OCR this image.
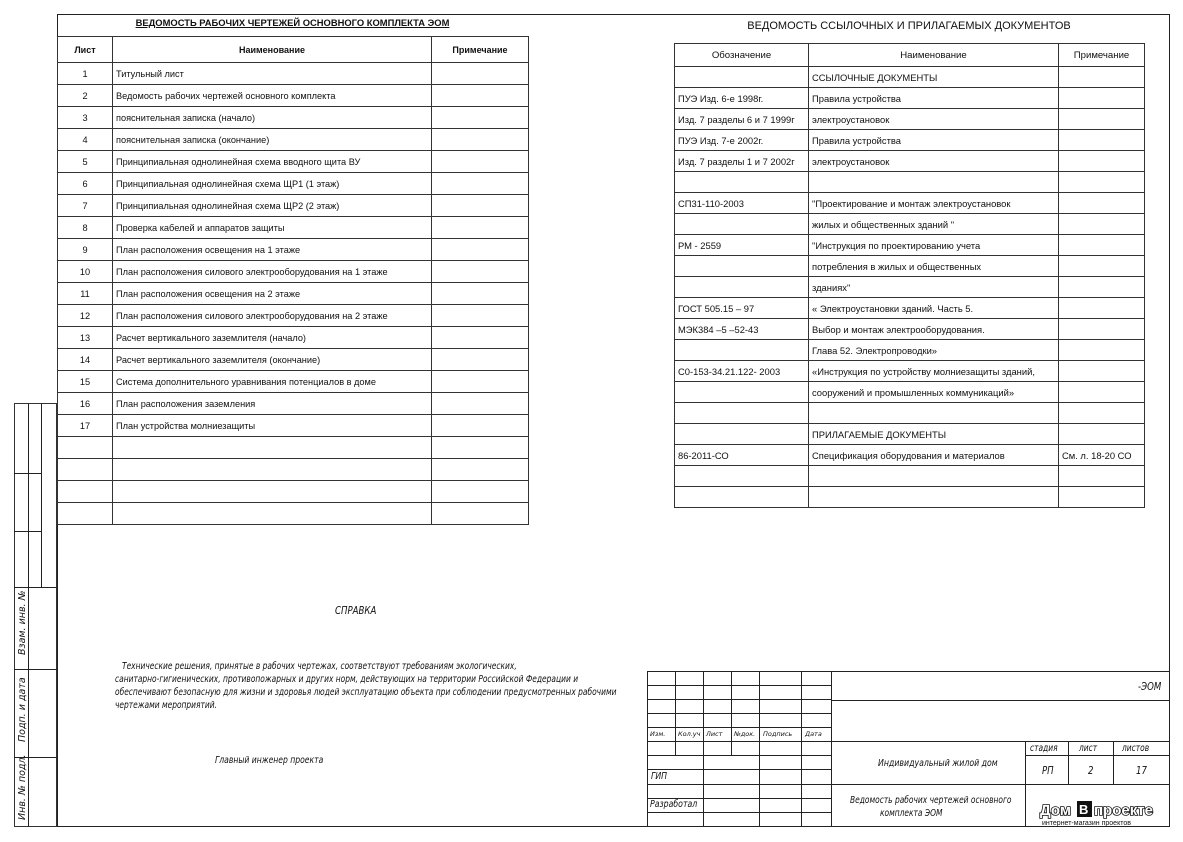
ВЕДОМОСТЬ РАБОЧИХ ЧЕРТЕЖЕЙ ОСНОВНОГО КОМПЛЕКТА ЭОМ
Лист	Наименование	Примечание
1	Титульный лист	
2	Ведомость рабочих чертежей основного комплекта	
3	пояснительная записка (начало)	
4	пояснительная записка (окончание)	
5	Принципиальная однолинейная схема вводного щита ВУ	
6	Принципиальная однолинейная схема ЩР1 (1 этаж)	
7	Принципиальная однолинейная схема ЩР2 (2 этаж)	
8	Проверка кабелей и аппаратов защиты	
9	План расположения освещения на 1 этаже	
10	План расположения силового электрооборудования на 1 этаже	
11	План расположения освещения на 2 этаже	
12	План расположения силового электрооборудования на 2 этаже	
13	Расчет вертикального заземлителя (начало)	
14	Расчет вертикального заземлителя (окончание)	
15	Система дополнительного уравнивания потенциалов в доме	
16	План расположения заземления	
17	План устройства молниезащиты	

ВЕДОМОСТЬ ССЫЛОЧНЫХ И ПРИЛАГАЕМЫХ ДОКУМЕНТОВ
Обозначение	Наименование	Примечание
	ССЫЛОЧНЫЕ ДОКУМЕНТЫ	
ПУЭ Изд. 6-е 1998г.	Правила устройства	
Изд. 7 разделы 6 и 7 1999г	электроустановок	
ПУЭ Изд. 7-е 2002г.	Правила устройства	
Изд. 7 разделы 1 и 7 2002г	электроустановок	

СП31-110-2003	"Проектирование и монтаж электроустановок	
	жилых и общественных зданий "	
РМ - 2559	"Инструкция по проектированию учета	
	потребления в жилых и общественных	
	зданиях"	
ГОСТ 505.15 – 97	« Электроустановки зданий. Часть 5.	
МЭК384 –5 –52-43	Выбор и монтаж электрооборудования.	
	Глава 52. Электропроводки»	
С0-153-34.21.122- 2003	«Инструкция по устройству молниезащиты зданий,	
	сооружений и промышленных коммуникаций»	

	ПРИЛАГАЕМЫЕ ДОКУМЕНТЫ	
86-2011-СО	Спецификация оборудования и материалов	См. л. 18-20 СО

СПРАВКА
Технические решения, принятые в рабочих чертежах, соответствуют требованиям экологических,
санитарно-гигиенических, противопожарных и других норм, действующих на территории Российской Федерации и
обеспечивают безопасную для жизни и здоровья людей эксплуатацию объекта при соблюдении предусмотренных рабочими
чертежами мероприятий.
Главный инженер проекта
Взам. инв. №
Подп. и дата
Инв. № подл.
Изм. Кол.уч Лист №док. Подпись Дата
ГИП
Разработал
-ЭОМ
Индивидуальный жилой дом
Ведомость рабочих чертежей основного
комплекта ЭОМ
стадия лист	листов
РП	2	17
Дом В проекте
интернет-магазин проектов
